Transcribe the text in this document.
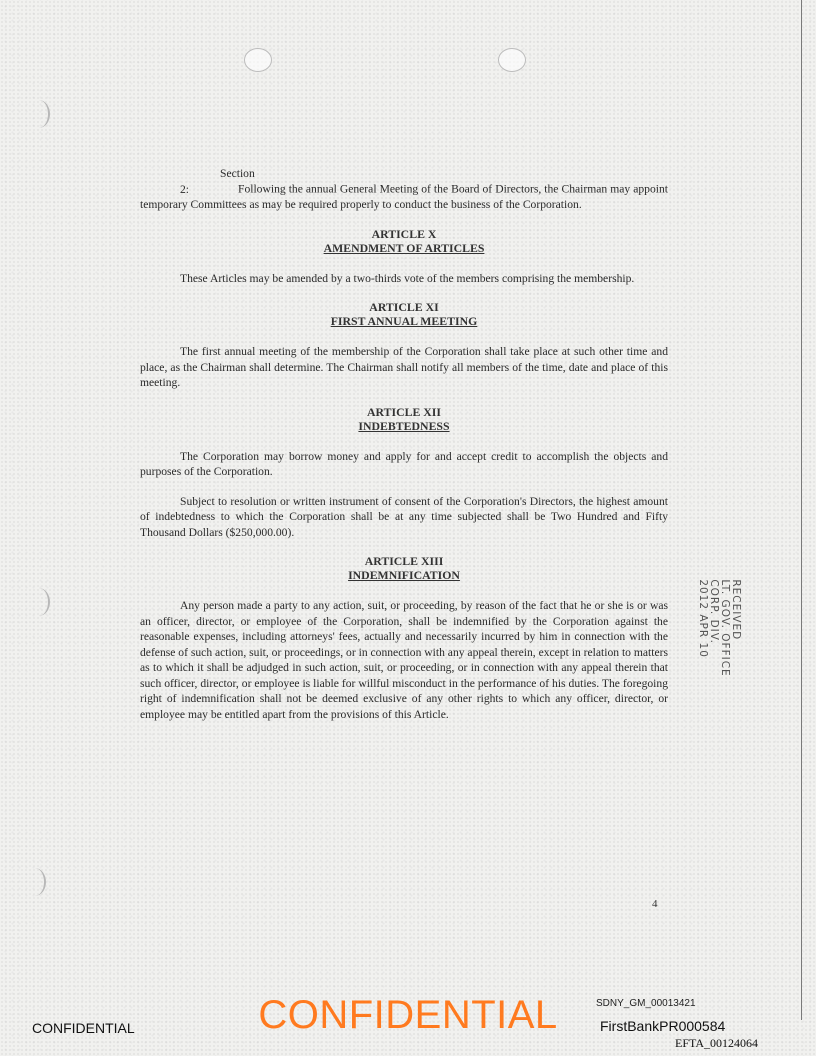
Section 2:	Following the annual General Meeting of the Board of Directors, the Chairman may appoint temporary Committees as may be required properly to conduct the business of the Corporation.

ARTICLE X
AMENDMENT OF ARTICLES

These Articles may be amended by a two-thirds vote of the members comprising the membership.

ARTICLE XI
FIRST ANNUAL MEETING

The first annual meeting of the membership of the Corporation shall take place at such other time and place, as the Chairman shall determine. The Chairman shall notify all members of the time, date and place of this meeting.

ARTICLE XII
INDEBTEDNESS

The Corporation may borrow money and apply for and accept credit to accomplish the objects and purposes of the Corporation.

Subject to resolution or written instrument of consent of the Corporation's Directors, the highest amount of indebtedness to which the Corporation shall be at any time subjected shall be Two Hundred and Fifty Thousand Dollars ($250,000.00).

ARTICLE XIII
INDEMNIFICATION

Any person made a party to any action, suit, or proceeding, by reason of the fact that he or she is or was an officer, director, or employee of the Corporation, shall be indemnified by the Corporation against the reasonable expenses, including attorneys' fees, actually and necessarily incurred by him in connection with the defense of such action, suit, or proceedings, or in connection with any appeal therein, except in relation to matters as to which it shall be adjudged in such action, suit, or proceeding, or in connection with any appeal therein that such officer, director, or employee is liable for willful misconduct in the performance of his duties. The foregoing right of indemnification shall not be deemed exclusive of any other rights to which any officer, director, or employee may be entitled apart from the provisions of this Article.

RECEIVED
LT. GOV. OFFICE
CORP. DIV.
2012 APR 10
4
CONFIDENTIAL
CONFIDENTIAL
SDNY_GM_00013421
FirstBankPR000584
EFTA_00124064
